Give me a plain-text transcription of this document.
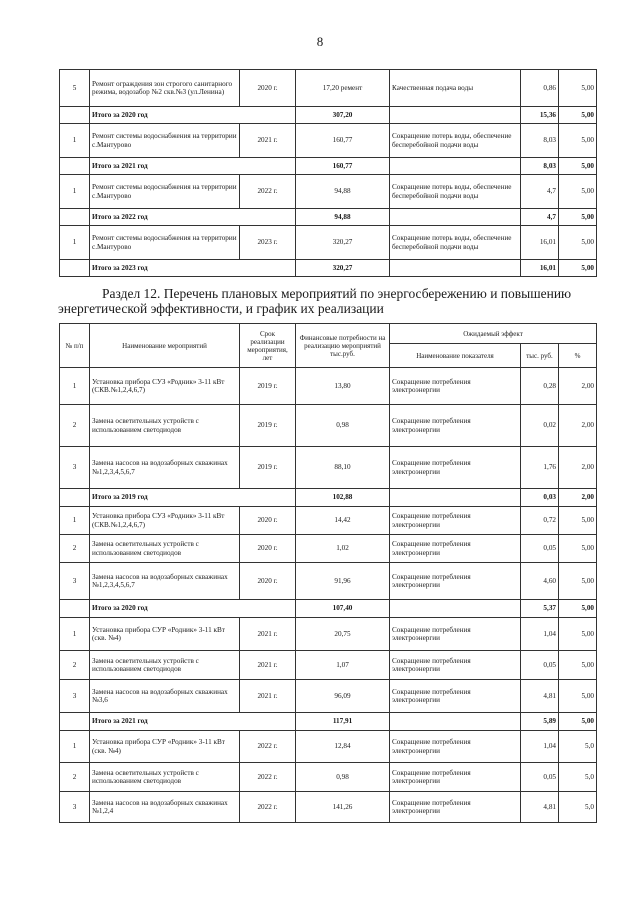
8
5	Ремонт ограждения зон строгого санитарного режима, водозабор №2 скв.№3 (ул.Ленина)	2020 г.	17,20 ремент	Качественная подача воды	0,86	5,00
	Итого за 2020 год		307,20		15,36	5,00
1	Ремонт системы водоснабжения на территории с.Мантурово	2021 г.	160,77	Сокращение потерь воды, обеспечение бесперебойной подачи воды	8,03	5,00
	Итого за 2021 год		160,77		8,03	5,00
1	Ремонт системы водоснабжения на территории с.Мантурово	2022 г.	94,88	Сокращение потерь воды, обеспечение бесперебойной подачи воды	4,7	5,00
	Итого за 2022 год		94,88		4,7	5,00
1	Ремонт системы водоснабжения на территории с.Мантурово	2023 г.	320,27	Сокращение потерь воды, обеспечение бесперебойной подачи воды	16,01	5,00
	Итого за 2023 год		320,27		16,01	5,00
Раздел 12. Перечень плановых мероприятий по энергосбережению и повышению
энергетической эффективности, и график их реализации
№ п/п	Наименование мероприятий	Срок реализации мероприятия, лет	Финансовые потребности на реализацию мероприятий тыс.руб.	Ожидаемый эффект		
				Наименование показателя	тыс. руб.	%
1	Установка прибора СУЗ «Родник» 3-11 кВт (СКВ.№1,2,4,6,7)	2019 г.	13,80	Сокращение потребления электроэнергии	0,28	2,00
2	Замена осветительных устройств с использованием светодиодов	2019 г.	0,98	Сокращение потребления электроэнергии	0,02	2,00
3	Замена насосов на водозаборных скважинах №1,2,3,4,5,6,7	2019 г.	88,10	Сокращение потребления электроэнергии	1,76	2,00
	Итого за 2019 год		102,88		0,03	2,00
1	Установка прибора СУЗ «Родник» 3-11 кВт (СКВ.№1,2,4,6,7)	2020 г.	14,42	Сокращение потребления электроэнергии	0,72	5,00
2	Замена осветительных устройств с использованием светодиодов	2020 г.	1,02	Сокращение потребления электроэнергии	0,05	5,00
3	Замена насосов на водозаборных скважинах №1,2,3,4,5,6,7	2020 г.	91,96	Сокращение потребления электроэнергии	4,60	5,00
	Итого за 2020 год		107,40		5,37	5,00
1	Установка прибора СУР «Родник» 3-11 кВт (скв. №4)	2021 г.	20,75	Сокращение потребления электроэнергии	1,04	5,00
2	Замена осветительных устройств с использованием светодиодов	2021 г.	1,07	Сокращение потребления электроэнергии	0,05	5,00
3	Замена насосов на водозаборных скважинах №3,6	2021 г.	96,09	Сокращение потребления электроэнергии	4,81	5,00
	Итого за 2021 год		117,91		5,89	5,00
1	Установка прибора СУР «Родник» 3-11 кВт (скв. №4)	2022 г.	12,84	Сокращение потребления электроэнергии	1,04	5,0
2	Замена осветительных устройств с использованием светодиодов	2022 г.	0,98	Сокращение потребления электроэнергии	0,05	5,0
3	Замена насосов на водозаборных скважинах №1,2,4	2022 г.	141,26	Сокращение потребления электроэнергии	4,81	5,0
